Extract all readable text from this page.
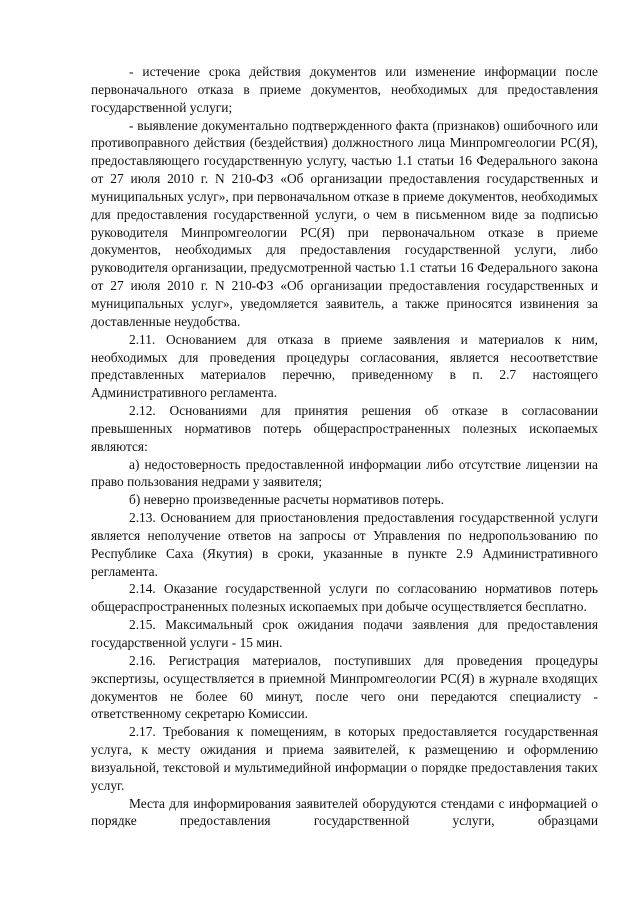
- истечение срока действия документов или изменение информации после первоначального отказа в приеме документов, необходимых для предоставления государственной услуги;

- выявление документально подтвержденного факта (признаков) ошибочного или противоправного действия (бездействия) должностного лица Минпромгеологии РС(Я), предоставляющего государственную услугу, частью 1.1 статьи 16 Федерального закона от 27 июля 2010 г. N 210-ФЗ «Об организации предоставления государственных и муниципальных услуг», при первоначальном отказе в приеме документов, необходимых для предоставления государственной услуги, о чем в письменном виде за подписью руководителя Минпромгеологии РС(Я) при первоначальном отказе в приеме документов, необходимых для предоставления государственной услуги, либо руководителя организации, предусмотренной частью 1.1 статьи 16 Федерального закона от 27 июля 2010 г. N 210-ФЗ «Об организации предоставления государственных и муниципальных услуг», уведомляется заявитель, а также приносятся извинения за доставленные неудобства.

2.11. Основанием для отказа в приеме заявления и материалов к ним, необходимых для проведения процедуры согласования, является несоответствие представленных материалов перечню, приведенному в п. 2.7 настоящего Административного регламента.

2.12. Основаниями для принятия решения об отказе в согласовании превышенных нормативов потерь общераспространенных полезных ископаемых являются:

а) недостоверность предоставленной информации либо отсутствие лицензии на право пользования недрами у заявителя;

б) неверно произведенные расчеты нормативов потерь.

2.13. Основанием для приостановления предоставления государственной услуги является неполучение ответов на запросы от Управления по недропользованию по Республике Саха (Якутия) в сроки, указанные в пункте 2.9 Административного регламента.

2.14. Оказание государственной услуги по согласованию нормативов потерь общераспространенных полезных ископаемых при добыче осуществляется бесплатно.

2.15. Максимальный срок ожидания подачи заявления для предоставления государственной услуги - 15 мин.

2.16. Регистрация материалов, поступивших для проведения процедуры экспертизы, осуществляется в приемной Минпромгеологии РС(Я) в журнале входящих документов не более 60 минут, после чего они передаются специалисту - ответственному секретарю Комиссии.

2.17. Требования к помещениям, в которых предоставляется государственная услуга, к месту ожидания и приема заявителей, к размещению и оформлению визуальной, текстовой и мультимедийной информации о порядке предоставления таких услуг.

Места для информирования заявителей оборудуются стендами с информацией о порядке предоставления государственной услуги, образцами
